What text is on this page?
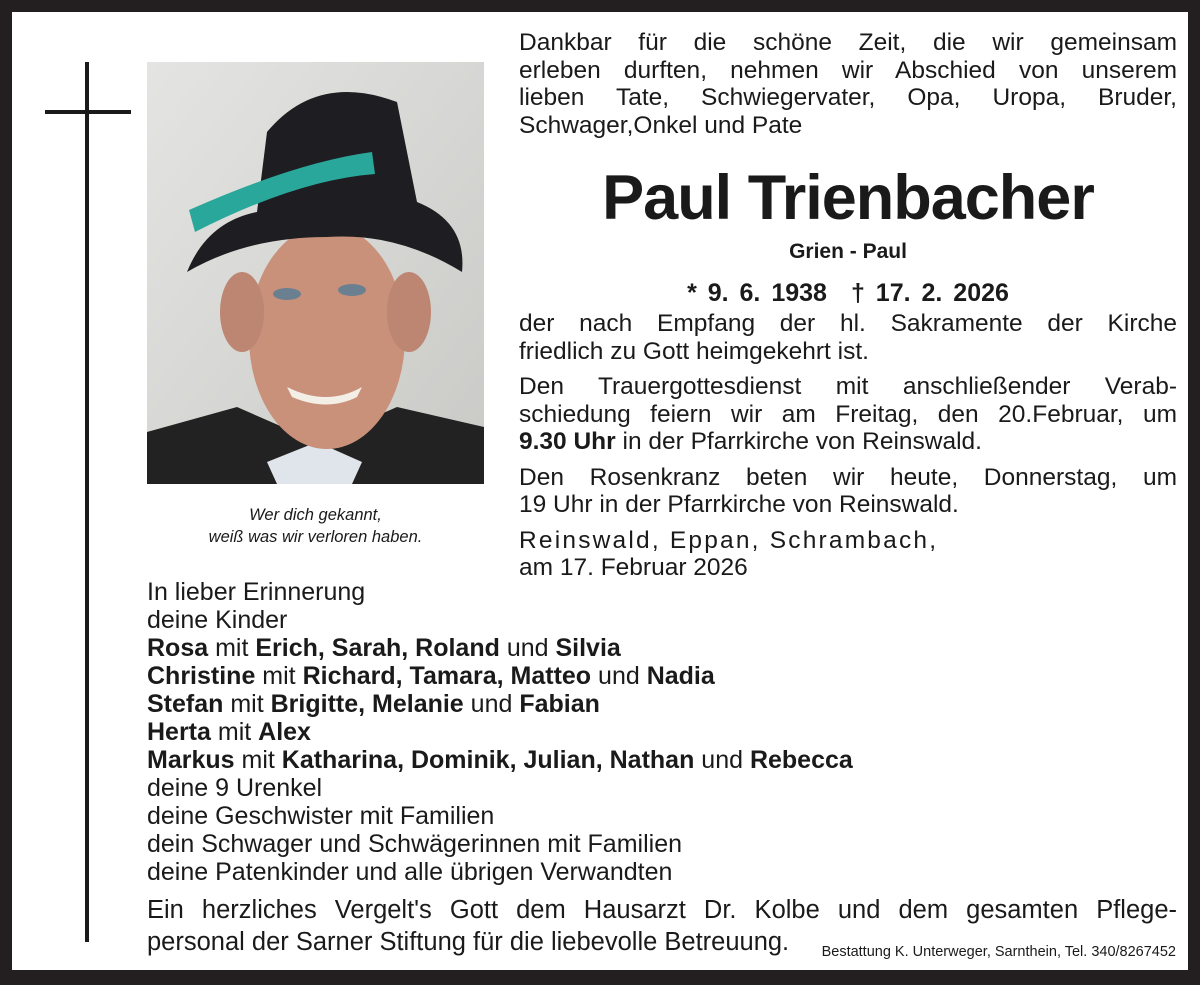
Wer dich gekannt,
weiß was wir verloren haben.
Dankbar für die schöne Zeit, die wir gemeinsam
erleben durften, nehmen wir Abschied von unserem
lieben Tate, Schwiegervater, Opa, Uropa, Bruder,
Schwager,Onkel und Pate
Paul Trienbacher
Grien - Paul
* 9. 6. 1938 † 17. 2. 2026
der nach Empfang der hl. Sakramente der Kirche
friedlich zu Gott heimgekehrt ist.
Den Trauergottesdienst mit anschließender Verab-
schiedung feiern wir am Freitag, den 20.Februar, um
9.30 Uhr in der Pfarrkirche von Reinswald.
Den Rosenkranz beten wir heute, Donnerstag, um
19 Uhr in der Pfarrkirche von Reinswald.
Reinswald, Eppan, Schrambach,
am 17. Februar 2026
In lieber Erinnerung
deine Kinder
Rosa mit Erich, Sarah, Roland und Silvia
Christine mit Richard, Tamara, Matteo und Nadia
Stefan mit Brigitte, Melanie und Fabian
Herta mit Alex
Markus mit Katharina, Dominik, Julian, Nathan und Rebecca
deine 9 Urenkel
deine Geschwister mit Familien
dein Schwager und Schwägerinnen mit Familien
deine Patenkinder und alle übrigen Verwandten
Ein herzliches Vergelt's Gott dem Hausarzt Dr. Kolbe und dem gesamten Pflege-
personal der Sarner Stiftung für die liebevolle Betreuung.	Bestattung K. Unterweger, Sarnthein, Tel. 340/8267452
